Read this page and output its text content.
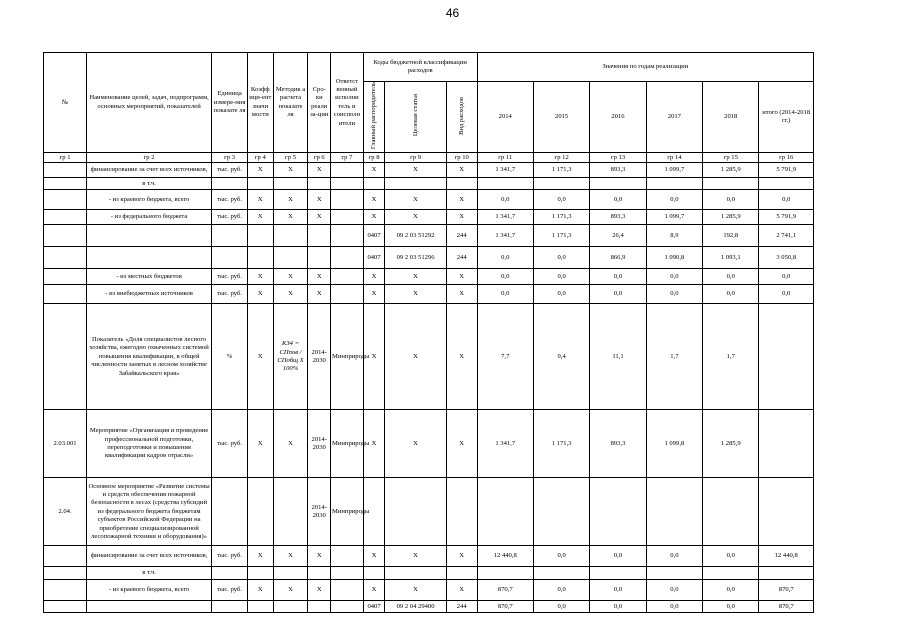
46
№	Наименование целей, задач, подпрограмм, основных мероприятий, показателей	Единица измере-ния показате ля	Коэфф ици-ент значи мости	Методик а расчета показате ля	Сро-ки реали за-ции	Ответст венный исполни тель и соисполн ители	Коды бюджетной классификации расходов			Значения по годам реализации					
							Главный распорядитель	Целевая статья	Вид расходов	2014	2015	2016	2017	2018	итого (2014-2018 гг.)
гр 1	гр 2	гр 3	гр 4	гр 5	гр 6	гр 7	гр 8	гр 9	гр 10	гр 11	гр 12	гр 13	гр 14	гр 15	гр 16
	финансирование за счет всех источников,	тыс. руб.	X	X	X		X	X	X	1 341,7	1 171,3	893,3	1 099,7	1 285,9	5 791,9
	в т.ч.														
	- из краевого бюджета, всего	тыс. руб.	X	X	X		X	X	X	0,0	0,0	0,0	0,0	0,0	0,0
	- из федерального бюджета	тыс. руб.	X	X	X		X	X	X	1 341,7	1 171,3	893,3	1 099,7	1 285,9	5 791,9
							0407	09 2 03 51292	244	1 341,7	1 171,3	26,4	8,9	192,8	2 741,1
							0407	09 2 03 51296	244	0,0	0,0	866,9	1 090,8	1 093,1	3 050,8
	- из местных бюджетов	тыс. руб.	X	X	X		X	X	X	0,0	0,0	0,0	0,0	0,0	0,0
	- из внебюджетных источников	тыс. руб.	X	X	X		X	X	X	0,0	0,0	0,0	0,0	0,0	0,0
	Показатель «Доля специалистов лесного хозяйства, ежегодно охваченных системой повышения квалификации, в общей численности занятых в лесном хозяйстве Забайкальского края»	%	X	КЗ4 = СПпов / СПобщ X 100%	2014-2030	Минприроды	X	X	X	7,7	9,4	11,1	1,7	1,7	
2.03.001	Мероприятие «Организация и проведение профессиональной подготовки, переподготовки и повышения квалификации кадров отрасли»	тыс. руб.	X	X	2014-2030	Минприроды	X	X	X	1 341,7	1 171,3	893,3	1 099,8	1 285,9	
2.04.	Основное мероприятие «Развитие системы и средств обеспечения пожарной безопасности в лесах (средства субсидий из федерального бюджета бюджетам субъектов Российской Федерации на приобретение специализированной лесопожарной техники и оборудования)»				2014-2030	Минприроды									
	финансирование за счет всех источников,	тыс. руб.	X	X	X		X	X	X	12 440,8	0,0	0,0	0,0	0,0	12 440,8
	в т.ч.														
	- из краевого бюджета, всего	тыс. руб.	X	X	X		X	X	X	870,7	0,0	0,0	0,0	0,0	870,7
							0407	09 2 04 29400	244	870,7	0,0	0,0	0,0	0,0	870,7
